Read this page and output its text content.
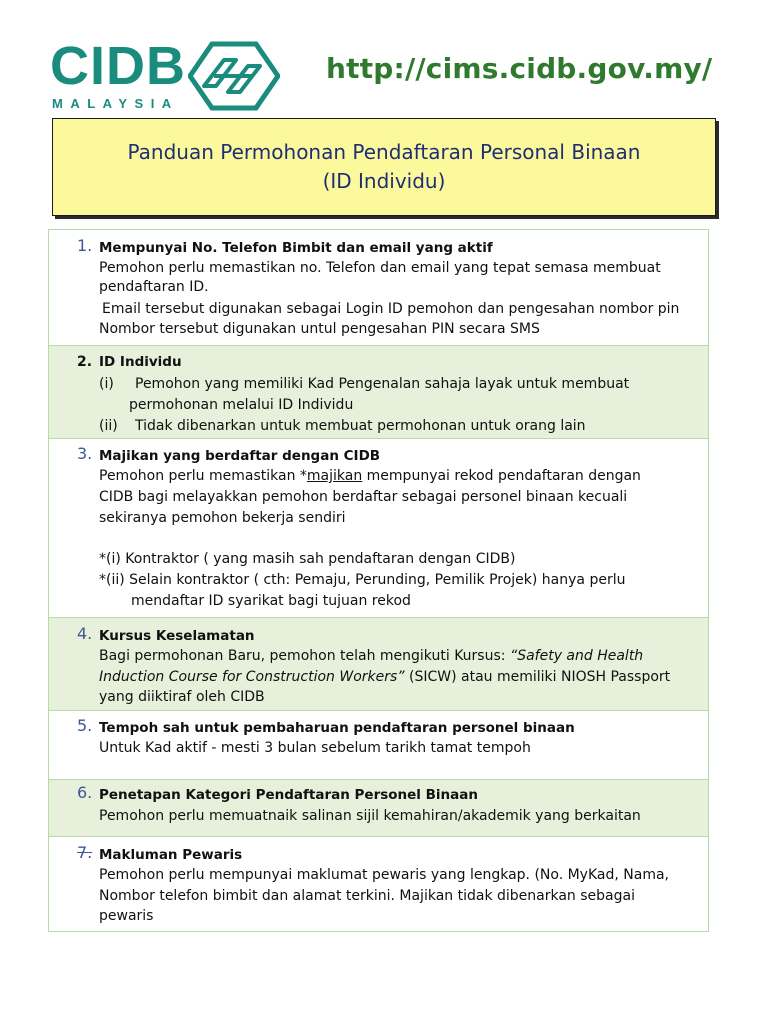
CIDB
MALAYSIA
http://cims.cidb.gov.my/
Panduan Permohonan Pendaftaran Personal Binaan
(ID Individu)
1. Mempunyai No. Telefon Bimbit dan email yang aktif
Pemohon perlu memastikan no. Telefon dan email yang tepat semasa membuat
pendaftaran ID.
Email tersebut digunakan sebagai Login ID pemohon dan pengesahan nombor pin
Nombor tersebut digunakan untul pengesahan PIN secara SMS
2. ID Individu
(i) Pemohon yang memiliki Kad Pengenalan sahaja layak untuk membuat
permohonan melalui ID Individu
(ii) Tidak dibenarkan untuk membuat permohonan untuk orang lain
3. Majikan yang berdaftar dengan CIDB
Pemohon perlu memastikan *majikan mempunyai rekod pendaftaran dengan
CIDB bagi melayakkan pemohon berdaftar sebagai personel binaan kecuali
sekiranya pemohon bekerja sendiri
*(i) Kontraktor ( yang masih sah pendaftaran dengan CIDB)
*(ii) Selain kontraktor ( cth: Pemaju, Perunding, Pemilik Projek) hanya perlu
mendaftar ID syarikat bagi tujuan rekod
4. Kursus Keselamatan
Bagi permohonan Baru, pemohon telah mengikuti Kursus: “Safety and Health
Induction Course for Construction Workers” (SICW) atau memiliki NIOSH Passport
yang diiktiraf oleh CIDB
5. Tempoh sah untuk pembaharuan pendaftaran personel binaan
Untuk Kad aktif - mesti 3 bulan sebelum tarikh tamat tempoh
6. Penetapan Kategori Pendaftaran Personel Binaan
Pemohon perlu memuatnaik salinan sijil kemahiran/akademik yang berkaitan
7. Makluman Pewaris
Pemohon perlu mempunyai maklumat pewaris yang lengkap. (No. MyKad, Nama,
Nombor telefon bimbit dan alamat terkini. Majikan tidak dibenarkan sebagai
pewaris
